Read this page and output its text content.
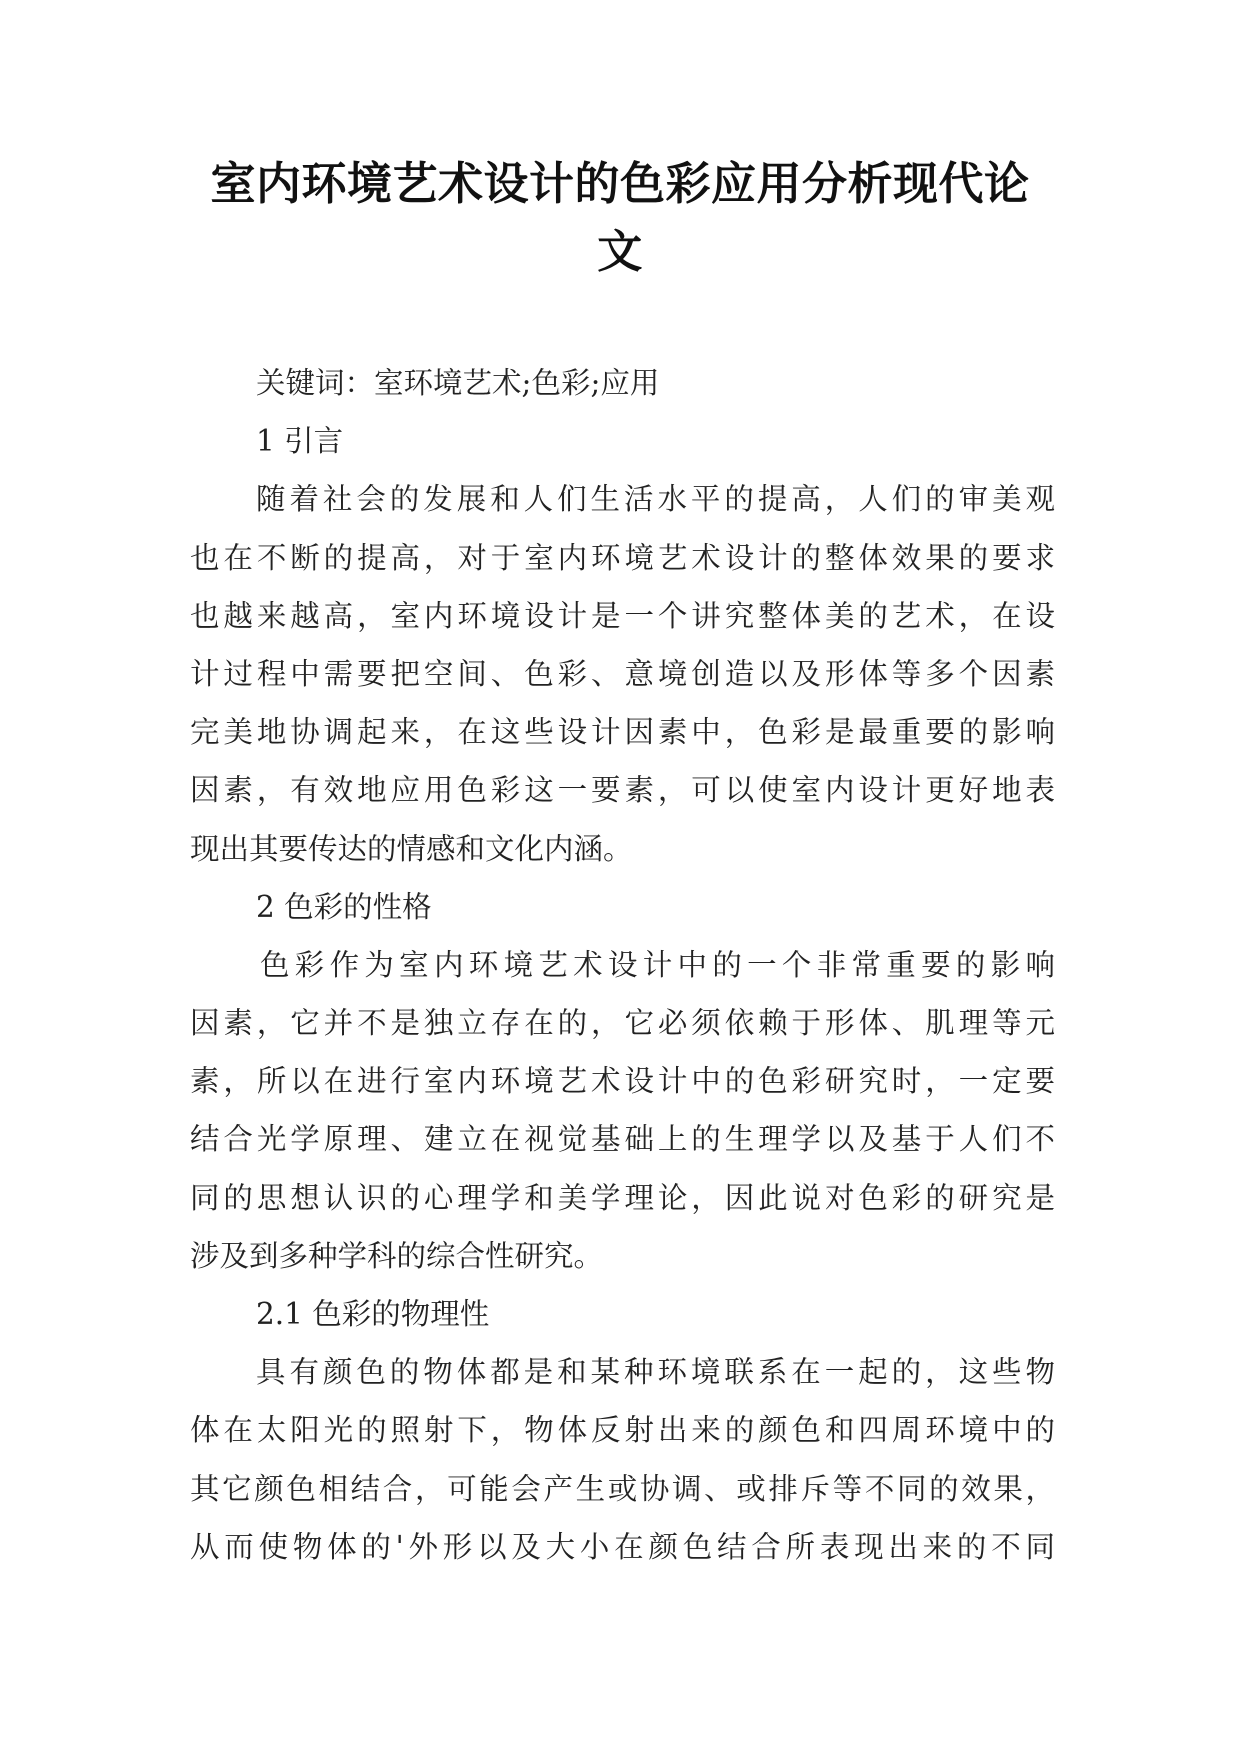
室内环境艺术设计的色彩应用分析现代论
文
关键词：室环境艺术;色彩;应用
1 引言
随着社会的发展和人们生活水平的提高，人们的审美观
也在不断的提高，对于室内环境艺术设计的整体效果的要求
也越来越高，室内环境设计是一个讲究整体美的艺术，在设
计过程中需要把空间、色彩、意境创造以及形体等多个因素
完美地协调起来，在这些设计因素中，色彩是最重要的影响
因素，有效地应用色彩这一要素，可以使室内设计更好地表
现出其要传达的情感和文化内涵。
2 色彩的性格
色彩作为室内环境艺术设计中的一个非常重要的影响
因素，它并不是独立存在的，它必须依赖于形体、肌理等元
素，所以在进行室内环境艺术设计中的色彩研究时，一定要
结合光学原理、建立在视觉基础上的生理学以及基于人们不
同的思想认识的心理学和美学理论，因此说对色彩的研究是
涉及到多种学科的综合性研究。
2.1 色彩的物理性
具有颜色的物体都是和某种环境联系在一起的，这些物
体在太阳光的照射下，物体反射出来的颜色和四周环境中的
其它颜色相结合，可能会产生或协调、或排斥等不同的效果，
从而使物体的'外形以及大小在颜色结合所表现出来的不同
